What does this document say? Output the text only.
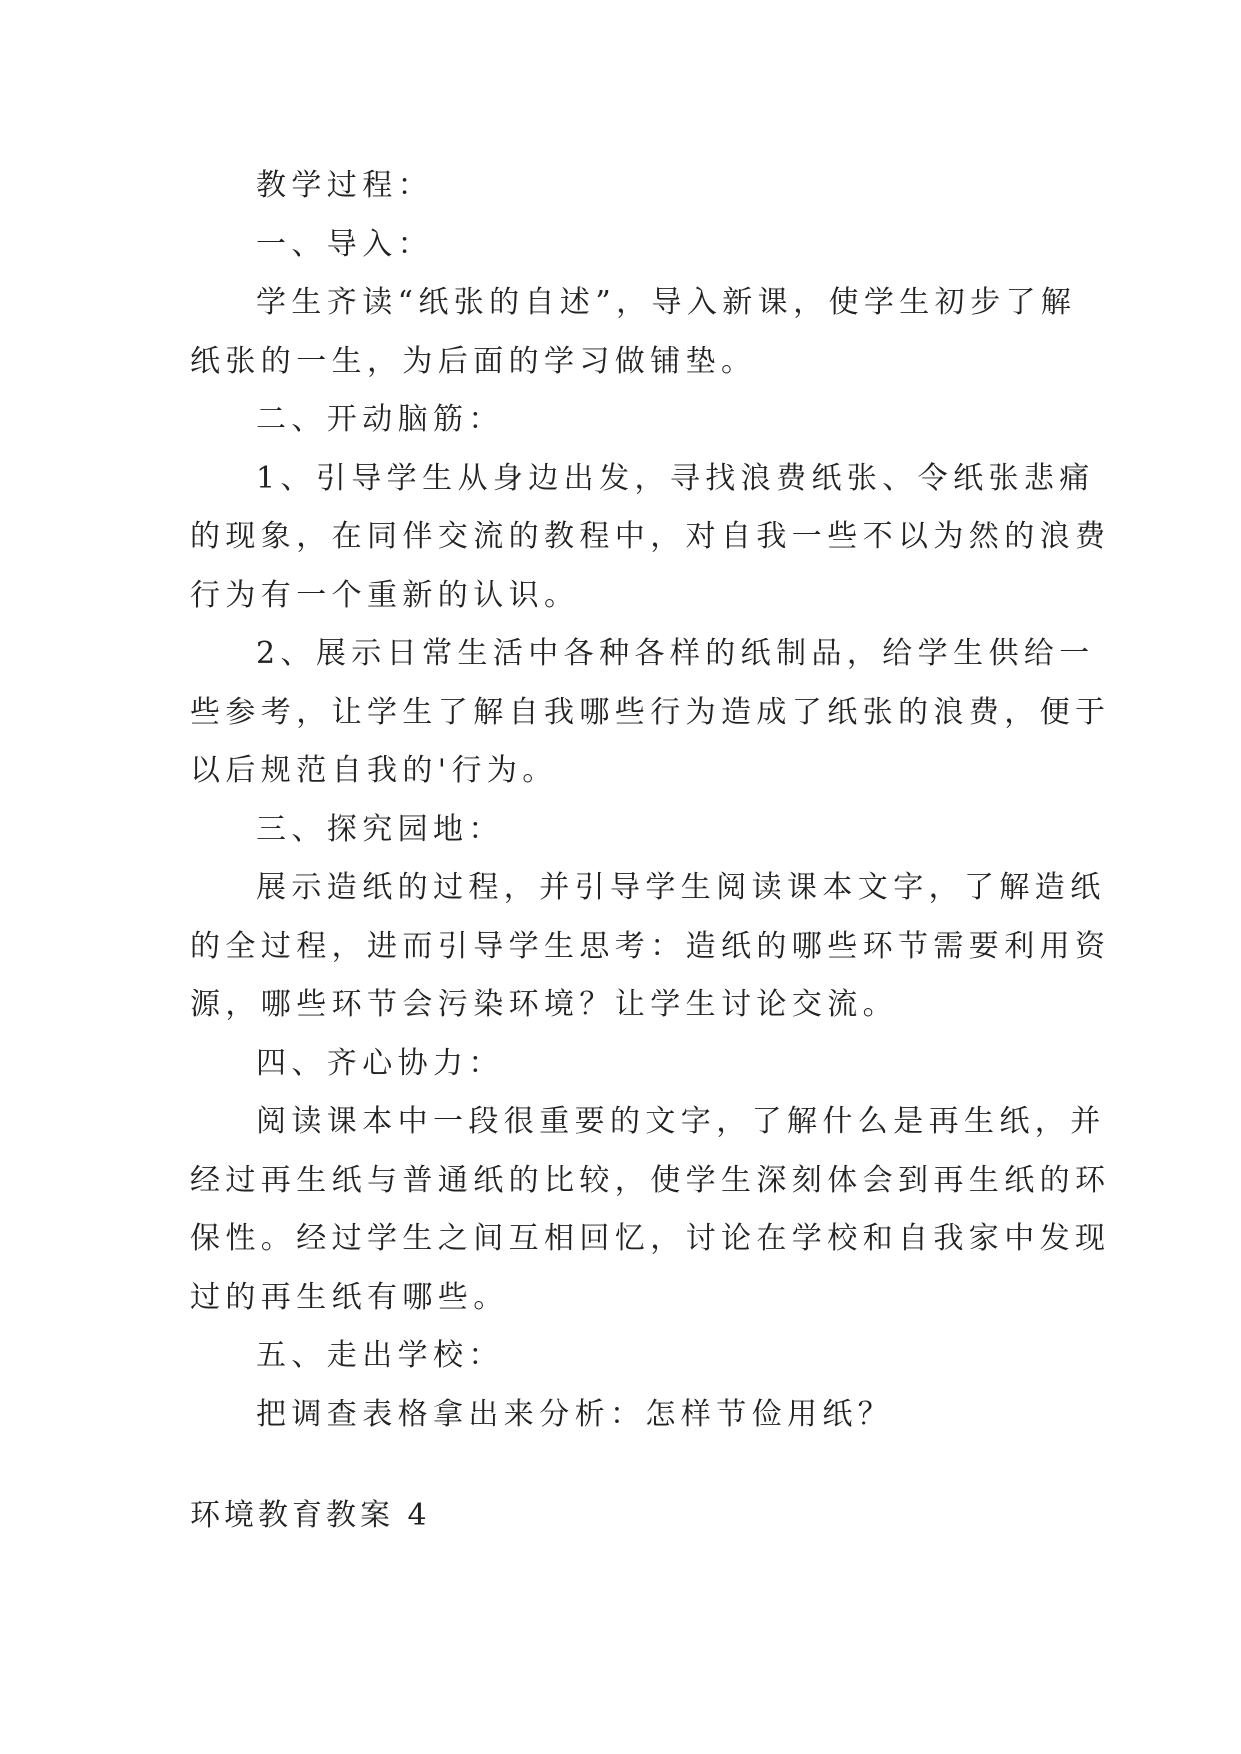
教学过程：

一、导入：

学生齐读“纸张的自述”，导入新课，使学生初步了解

纸张的一生，为后面的学习做铺垫。

二、开动脑筋：

1、引导学生从身边出发，寻找浪费纸张、令纸张悲痛

的现象，在同伴交流的教程中，对自我一些不以为然的浪费

行为有一个重新的认识。

2、展示日常生活中各种各样的纸制品，给学生供给一

些参考，让学生了解自我哪些行为造成了纸张的浪费，便于

以后规范自我的'行为。

三、探究园地：

展示造纸的过程，并引导学生阅读课本文字，了解造纸

的全过程，进而引导学生思考：造纸的哪些环节需要利用资

源，哪些环节会污染环境？让学生讨论交流。

四、齐心协力：

阅读课本中一段很重要的文字，了解什么是再生纸，并

经过再生纸与普通纸的比较，使学生深刻体会到再生纸的环

保性。经过学生之间互相回忆，讨论在学校和自我家中发现

过的再生纸有哪些。

五、走出学校：

把调查表格拿出来分析：怎样节俭用纸？

环境教育教案 4
